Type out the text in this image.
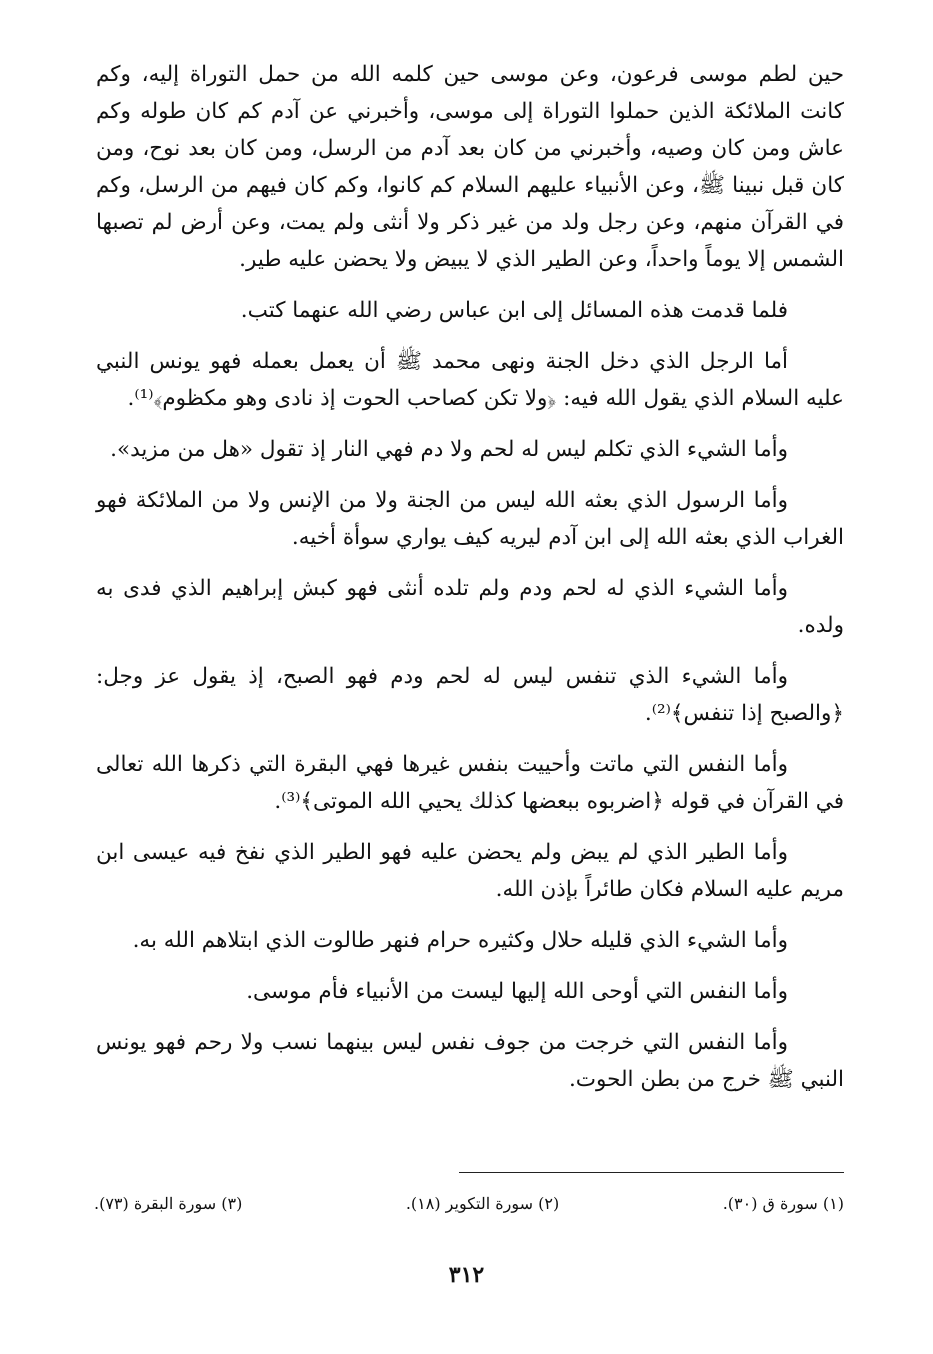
حين لطم موسى فرعون، وعن موسى حين كلمه الله من حمل التوراة إليه، وكم كانت الملائكة الذين حملوا التوراة إلى موسى، وأخبرني عن آدم كم كان طوله وكم عاش ومن كان وصيه، وأخبرني من كان بعد آدم من الرسل، ومن كان بعد نوح، ومن كان قبل نبينا ﷺ، وعن الأنبياء عليهم السلام كم كانوا، وكم كان فيهم من الرسل، وكم في القرآن منهم، وعن رجل ولد من غير ذكر ولا أنثى ولم يمت، وعن أرض لم تصبها الشمس إلا يوماً واحداً، وعن الطير الذي لا يبيض ولا يحضن عليه طير.

فلما قدمت هذه المسائل إلى ابن عباس رضي الله عنهما كتب.

أما الرجل الذي دخل الجنة ونهى محمد ﷺ أن يعمل بعمله فهو يونس النبي عليه السلام الذي يقول الله فيه: ﴿ولا تكن كصاحب الحوت إذ نادى وهو مكظوم﴾⁽¹⁾.

وأما الشيء الذي تكلم ليس له لحم ولا دم فهي النار إذ تقول «هل من مزيد».

وأما الرسول الذي بعثه الله ليس من الجنة ولا من الإنس ولا من الملائكة فهو الغراب الذي بعثه الله إلى ابن آدم ليريه كيف يواري سوأة أخيه.

وأما الشيء الذي له لحم ودم ولم تلده أنثى فهو كبش إبراهيم الذي فدى به ولده.

وأما الشيء الذي تنفس ليس له لحم ودم فهو الصبح، إذ يقول عز وجل: ﴿والصبح إذا تنفس﴾⁽²⁾.

وأما النفس التي ماتت وأحييت بنفس غيرها فهي البقرة التي ذكرها الله تعالى في القرآن في قوله ﴿اضربوه ببعضها كذلك يحيي الله الموتى﴾⁽³⁾.

وأما الطير الذي لم يبض ولم يحضن عليه فهو الطير الذي نفخ فيه عيسى ابن مريم عليه السلام فكان طائراً بإذن الله.

وأما الشيء الذي قليله حلال وكثيره حرام فنهر طالوت الذي ابتلاهم الله به.

وأما النفس التي أوحى الله إليها ليست من الأنبياء فأم موسى.

وأما النفس التي خرجت من جوف نفس ليس بينهما نسب ولا رحم فهو يونس النبي ﷺ خرج من بطن الحوت.

(١) سورة ق (٣٠).
(٢) سورة التكوير (١٨).
(٣) سورة البقرة (٧٣).
٣١٢
